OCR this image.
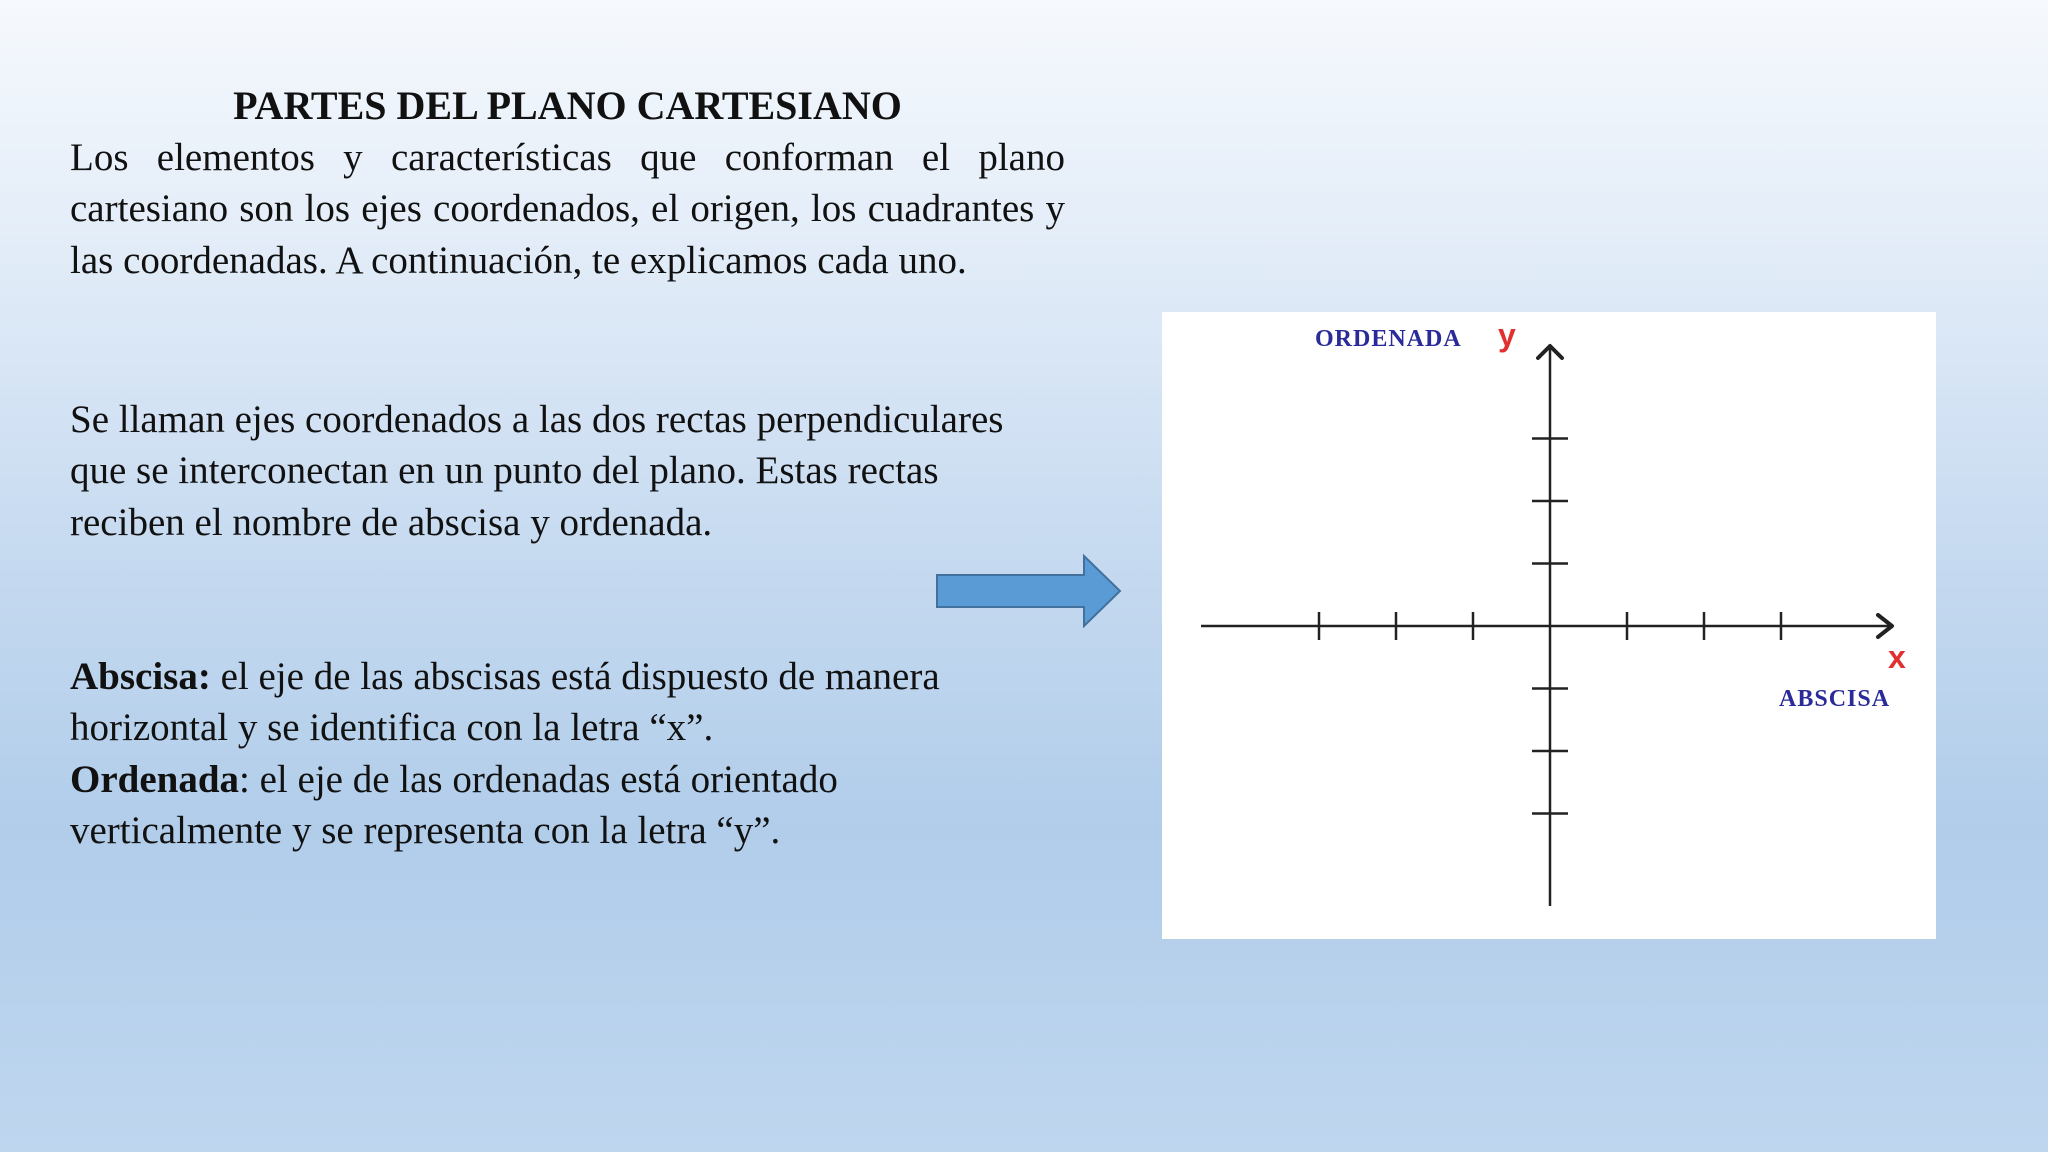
PARTES DEL PLANO CARTESIANO

Los elementos y características que conforman el plano cartesiano son los ejes coordenados, el origen, los cuadrantes y las coordenadas. A continuación, te explicamos cada uno.

Se llaman ejes coordenados a las dos rectas perpendiculares que se interconectan en un punto del plano. Estas rectas reciben el nombre de abscisa y ordenada.

Abscisa: el eje de las abscisas está dispuesto de manera horizontal y se identifica con la letra “x”.
Ordenada: el eje de las ordenadas está orientado verticalmente y se representa con la letra “y”.

ORDENADA y
x
ABSCISA
